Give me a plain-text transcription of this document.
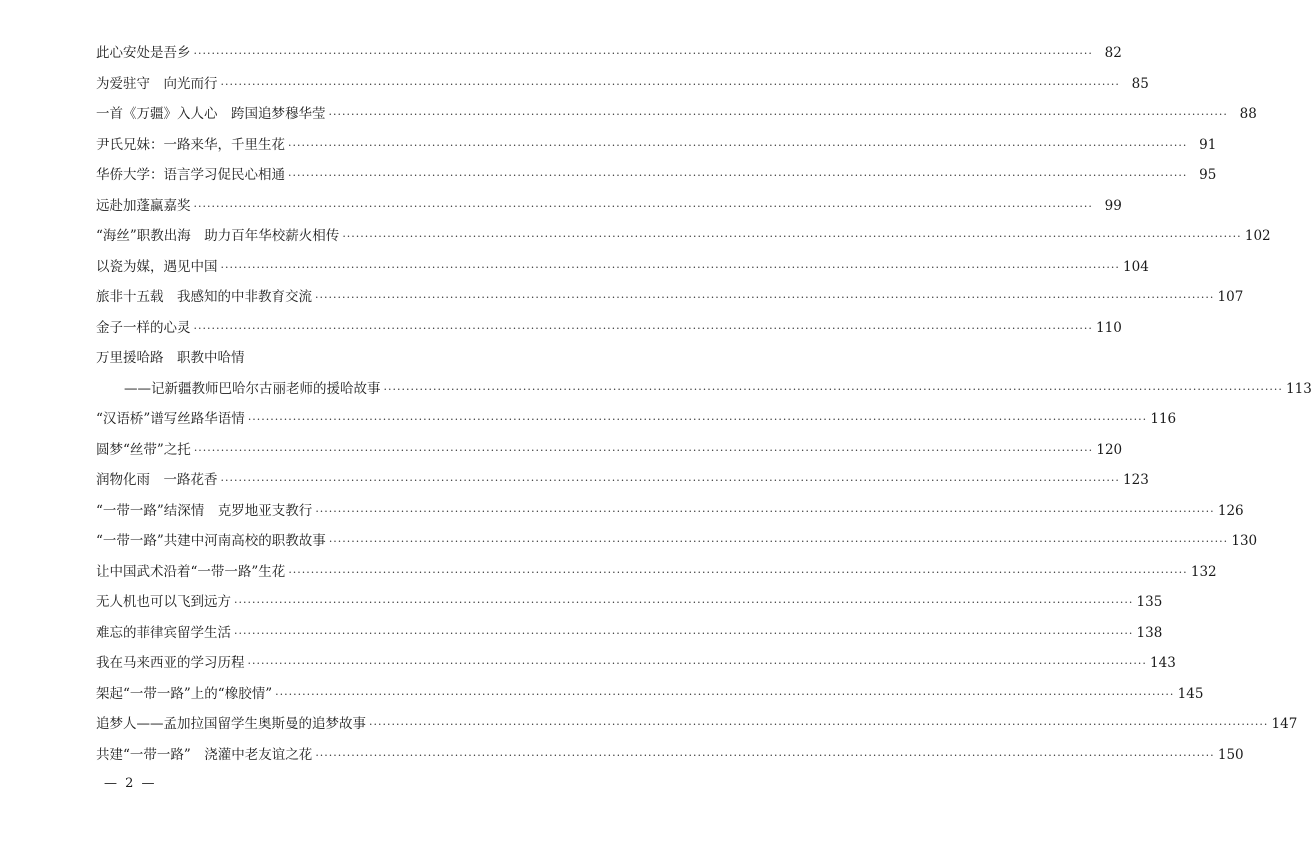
此心安处是吾乡 ········································································································································································································ 82
为爱驻守　向光而行 ········································································································································································································ 85
一首《万疆》入人心　跨国追梦穆华莹 ········································································································································································································ 88
尹氏兄妹：一路来华，千里生花 ········································································································································································································ 91
华侨大学：语言学习促民心相通 ········································································································································································································ 95
远赴加蓬赢嘉奖 ········································································································································································································ 99
“海丝”职教出海　助力百年华校薪火相传 ········································································································································································································ 102
以瓷为媒，遇见中国 ········································································································································································································ 104
旅非十五载　我感知的中非教育交流 ········································································································································································································ 107
金子一样的心灵 ········································································································································································································ 110
万里援哈路　职教中哈情
——记新疆教师巴哈尔古丽老师的援哈故事 ········································································································································································································ 113
“汉语桥”谱写丝路华语情 ········································································································································································································ 116
圆梦“丝带”之托 ········································································································································································································ 120
润物化雨　一路花香 ········································································································································································································ 123
“一带一路”结深情　克罗地亚支教行 ········································································································································································································ 126
“一带一路”共建中河南高校的职教故事 ········································································································································································································ 130
让中国武术沿着“一带一路”生花 ········································································································································································································ 132
无人机也可以飞到远方 ········································································································································································································ 135
难忘的菲律宾留学生活 ········································································································································································································ 138
我在马来西亚的学习历程 ········································································································································································································ 143
架起“一带一路”上的“橡胶情” ········································································································································································································ 145
追梦人——孟加拉国留学生奥斯曼的追梦故事 ········································································································································································································ 147
共建“一带一路”　浇灌中老友谊之花 ········································································································································································································ 150
— 2 —
